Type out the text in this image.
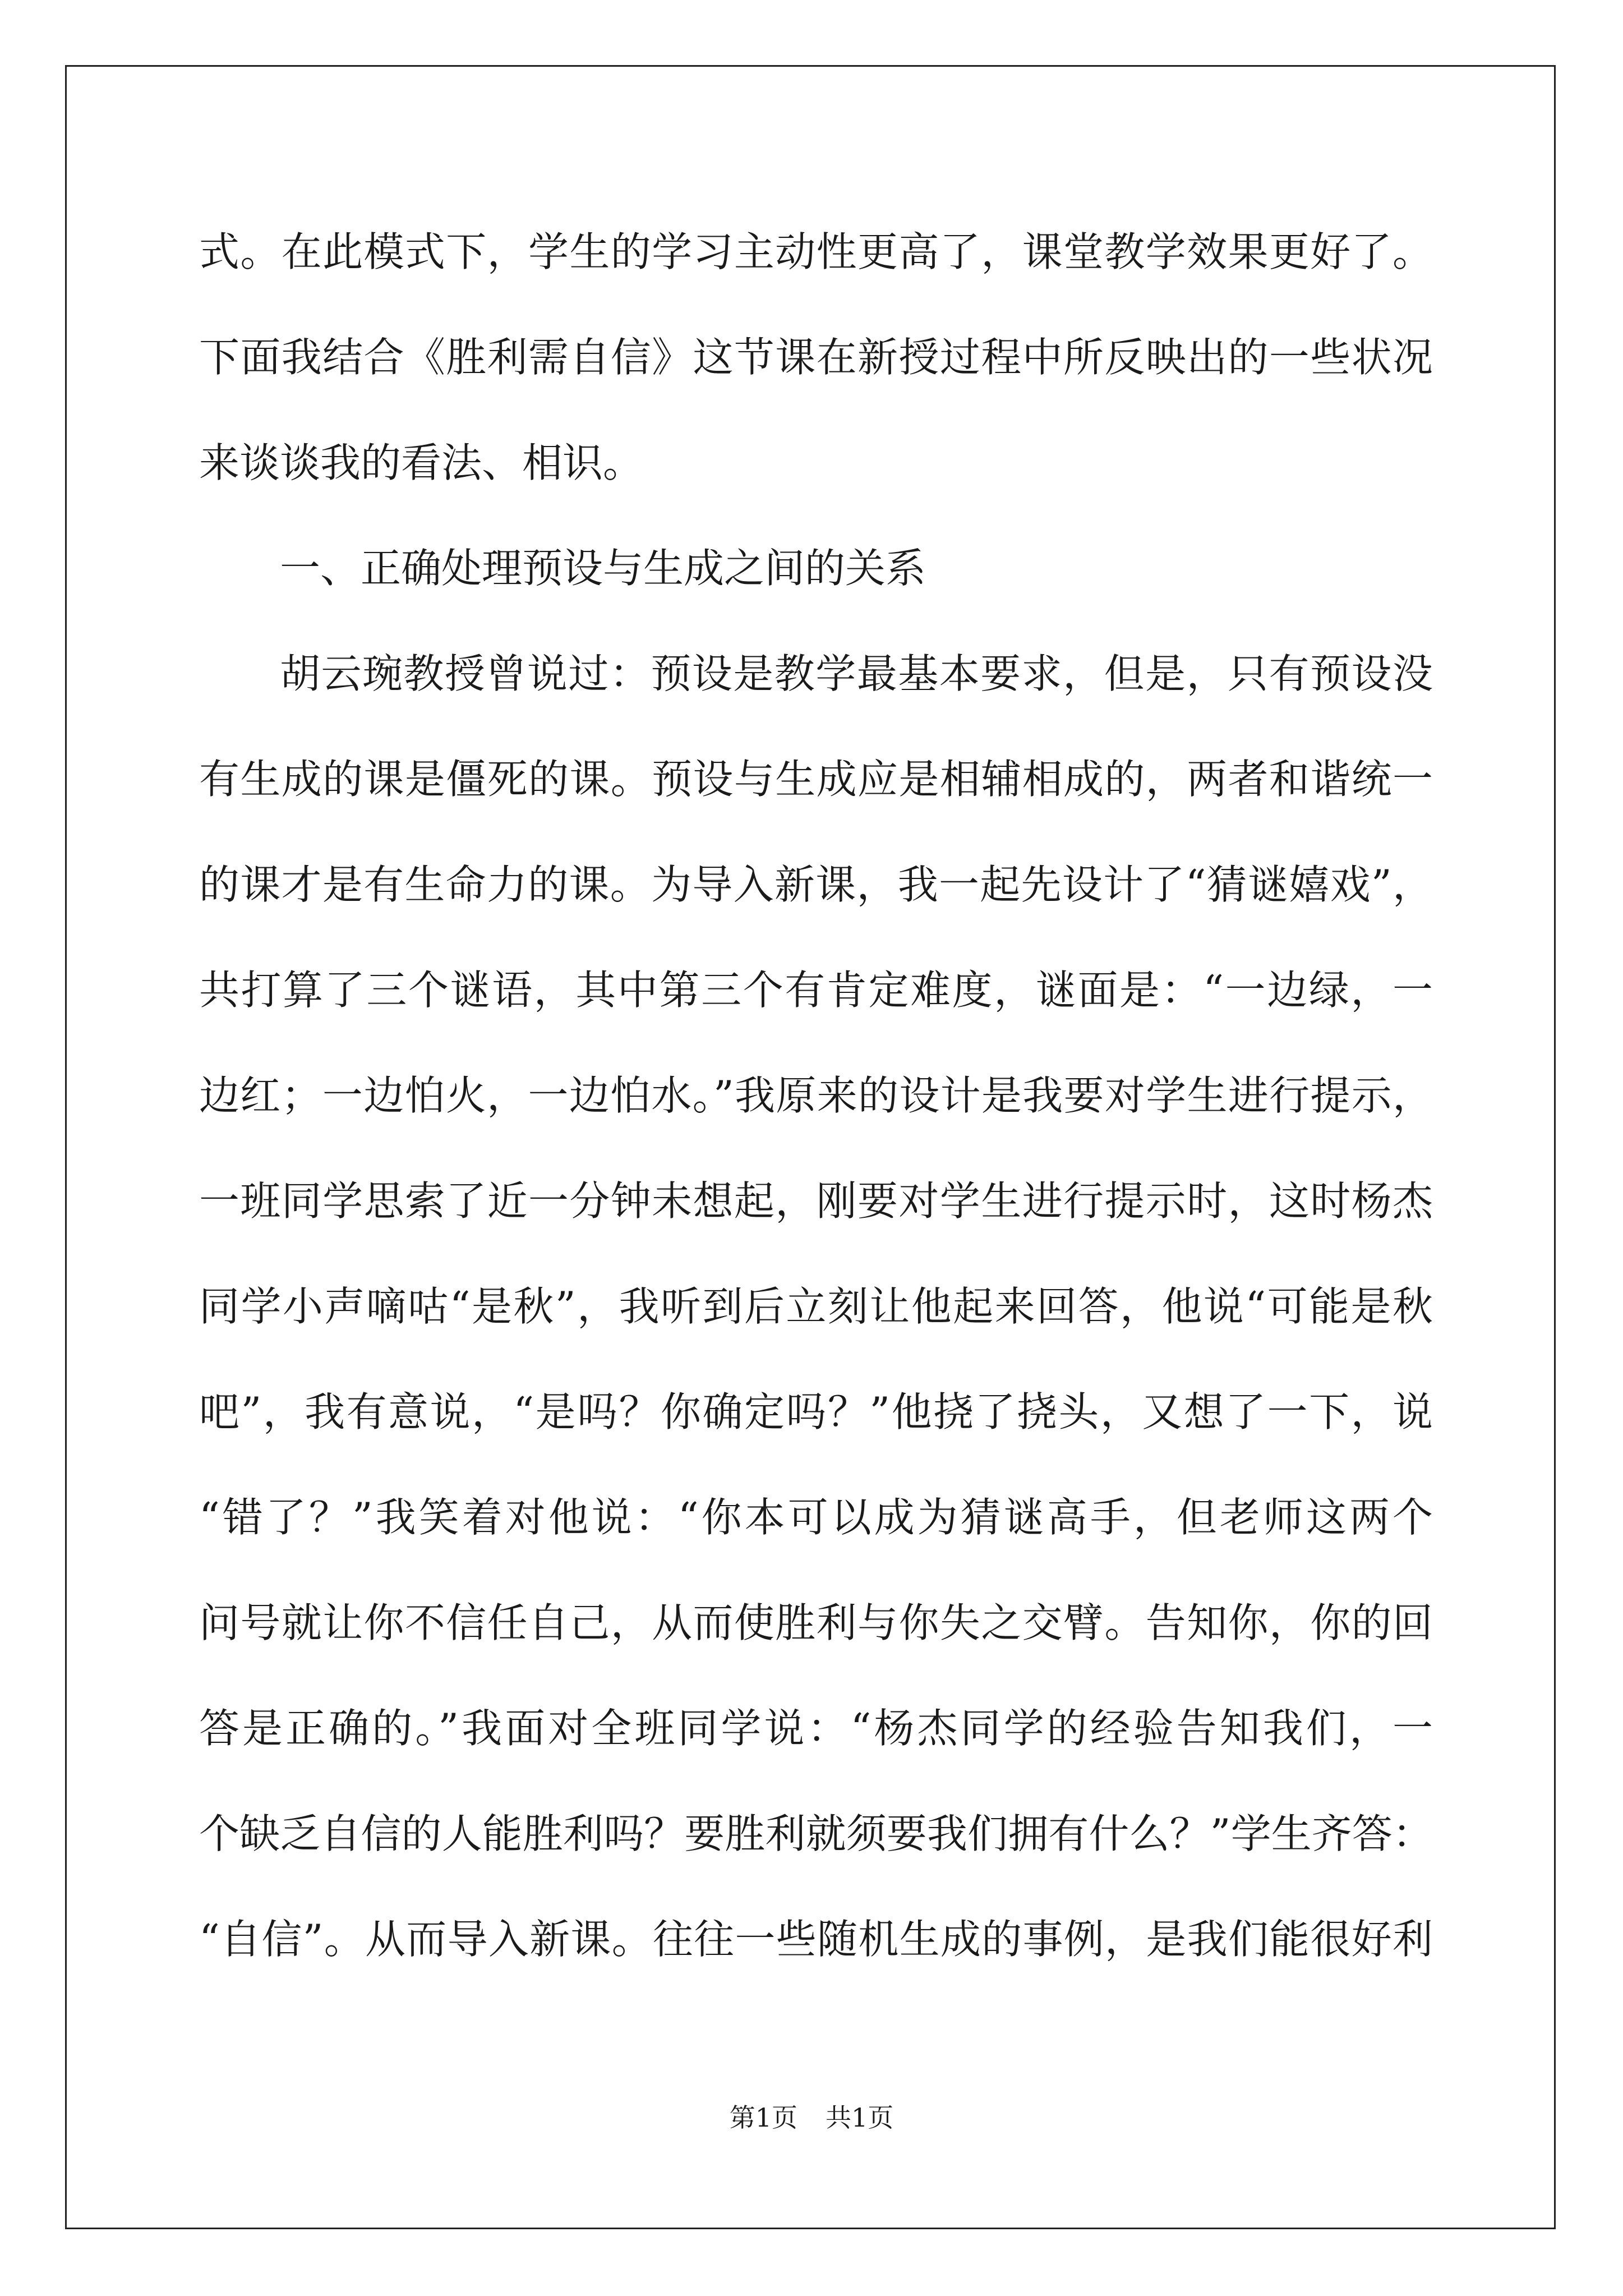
式。在此模式下，学生的学习主动性更高了，课堂教学效果更好了。
下面我结合《胜利需自信》这节课在新授过程中所反映出的一些状况
来谈谈我的看法、相识。
一、正确处理预设与生成之间的关系
胡云琬教授曾说过：预设是教学最基本要求，但是，只有预设没
有生成的课是僵死的课。预设与生成应是相辅相成的，两者和谐统一
的课才是有生命力的课。为导入新课，我一起先设计了“猜谜嬉戏”，
共打算了三个谜语，其中第三个有肯定难度，谜面是：“一边绿，一
边红；一边怕火，一边怕水。”我原来的设计是我要对学生进行提示，
一班同学思索了近一分钟未想起，刚要对学生进行提示时，这时杨杰
同学小声嘀咕“是秋”，我听到后立刻让他起来回答，他说“可能是秋
吧”，我有意说，“是吗？你确定吗？”他挠了挠头，又想了一下，说
“错了？”我笑着对他说：“你本可以成为猜谜高手，但老师这两个
问号就让你不信任自己，从而使胜利与你失之交臂。告知你，你的回
答是正确的。”我面对全班同学说：“杨杰同学的经验告知我们，一
个缺乏自信的人能胜利吗？要胜利就须要我们拥有什么？”学生齐答：
“自信”。从而导入新课。往往一些随机生成的事例，是我们能很好利
第1页 共1页
